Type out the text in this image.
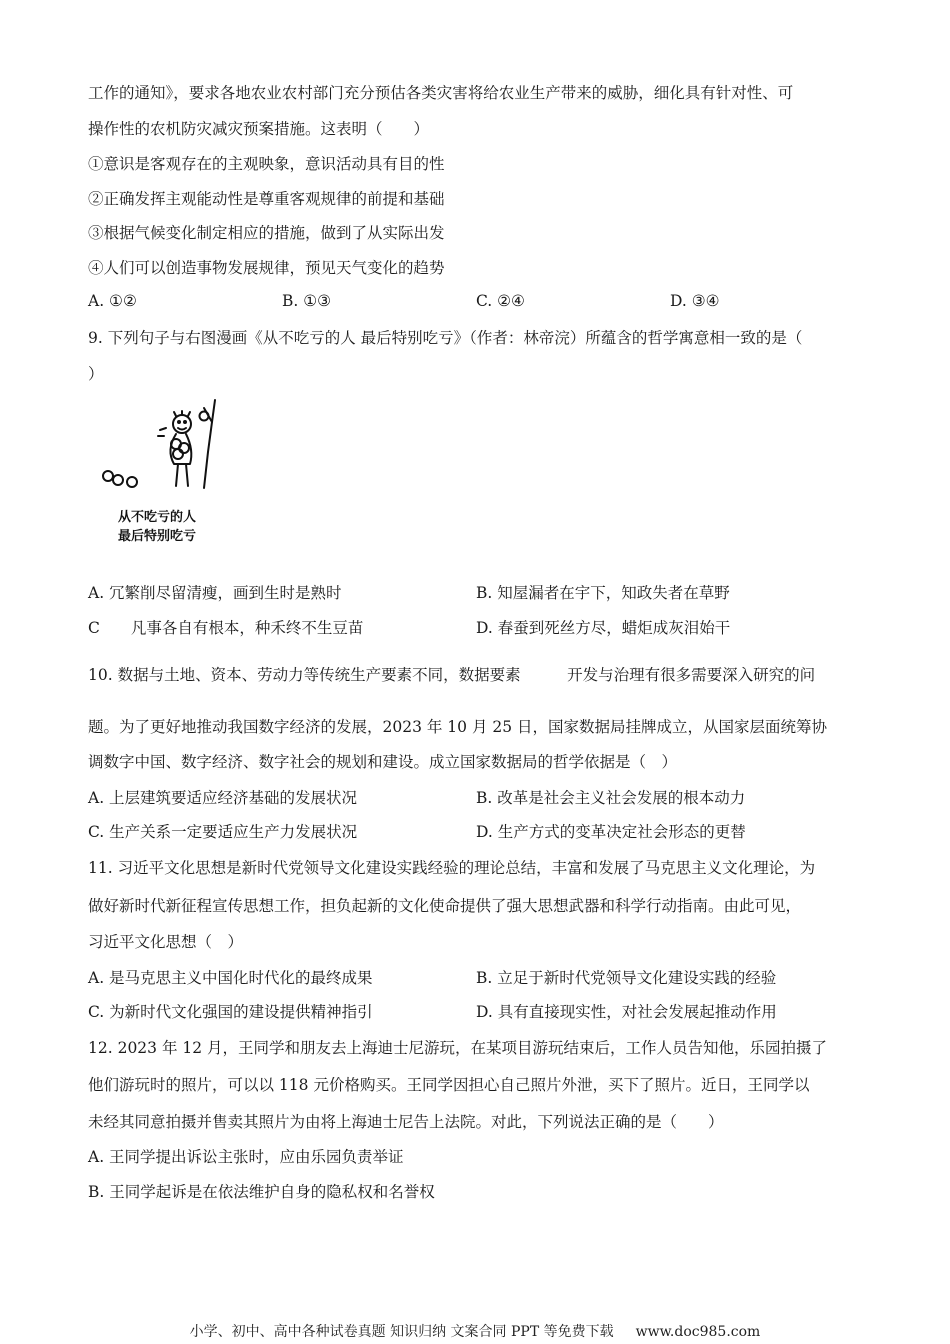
工作的通知》，要求各地农业农村部门充分预估各类灾害将给农业生产带来的威胁，细化具有针对性、可
操作性的农机防灾减灾预案措施。这表明（　　）
①意识是客观存在的主观映象，意识活动具有目的性
②正确发挥主观能动性是尊重客观规律的前提和基础
③根据气候变化制定相应的措施，做到了从实际出发
④人们可以创造事物发展规律，预见天气变化的趋势
A. ①②	B. ①③	C. ②④	D. ③④
9. 下列句子与右图漫画《从不吃亏的人 最后特别吃亏》（作者：林帝浣）所蕴含的哲学寓意相一致的是（
）
从不吃亏的人
最后特别吃亏
A. 冗繁削尽留清瘦，画到生时是熟时	B. 知屋漏者在宇下，知政失者在草野
C　　凡事各自有根本，种禾终不生豆苗	D. 春蚕到死丝方尽，蜡炬成灰泪始干
10. 数据与土地、资本、劳动力等传统生产要素不同，数据要素　　　开发与治理有很多需要深入研究的问
题。为了更好地推动我国数字经济的发展，2023 年 10 月 25 日，国家数据局挂牌成立，从国家层面统筹协
调数字中国、数字经济、数字社会的规划和建设。成立国家数据局的哲学依据是（　）
A. 上层建筑要适应经济基础的发展状况	B. 改革是社会主义社会发展的根本动力
C. 生产关系一定要适应生产力发展状况	D. 生产方式的变革决定社会形态的更替
11. 习近平文化思想是新时代党领导文化建设实践经验的理论总结，丰富和发展了马克思主义文化理论，为
做好新时代新征程宣传思想工作，担负起新的文化使命提供了强大思想武器和科学行动指南。由此可见，
习近平文化思想（　）
A. 是马克思主义中国化时代化的最终成果	B. 立足于新时代党领导文化建设实践的经验
C. 为新时代文化强国的建设提供精神指引	D. 具有直接现实性，对社会发展起推动作用
12. 2023 年 12 月，王同学和朋友去上海迪士尼游玩，在某项目游玩结束后，工作人员告知他，乐园拍摄了
他们游玩时的照片，可以以 118 元价格购买。王同学因担心自己照片外泄，买下了照片。近日，王同学以
未经其同意拍摄并售卖其照片为由将上海迪士尼告上法院。对此，下列说法正确的是（　　）
A. 王同学提出诉讼主张时，应由乐园负责举证
B. 王同学起诉是在依法维护自身的隐私权和名誉权
小学、初中、高中各种试卷真题 知识归纳 文案合同 PPT 等免费下载 www.doc985.com
